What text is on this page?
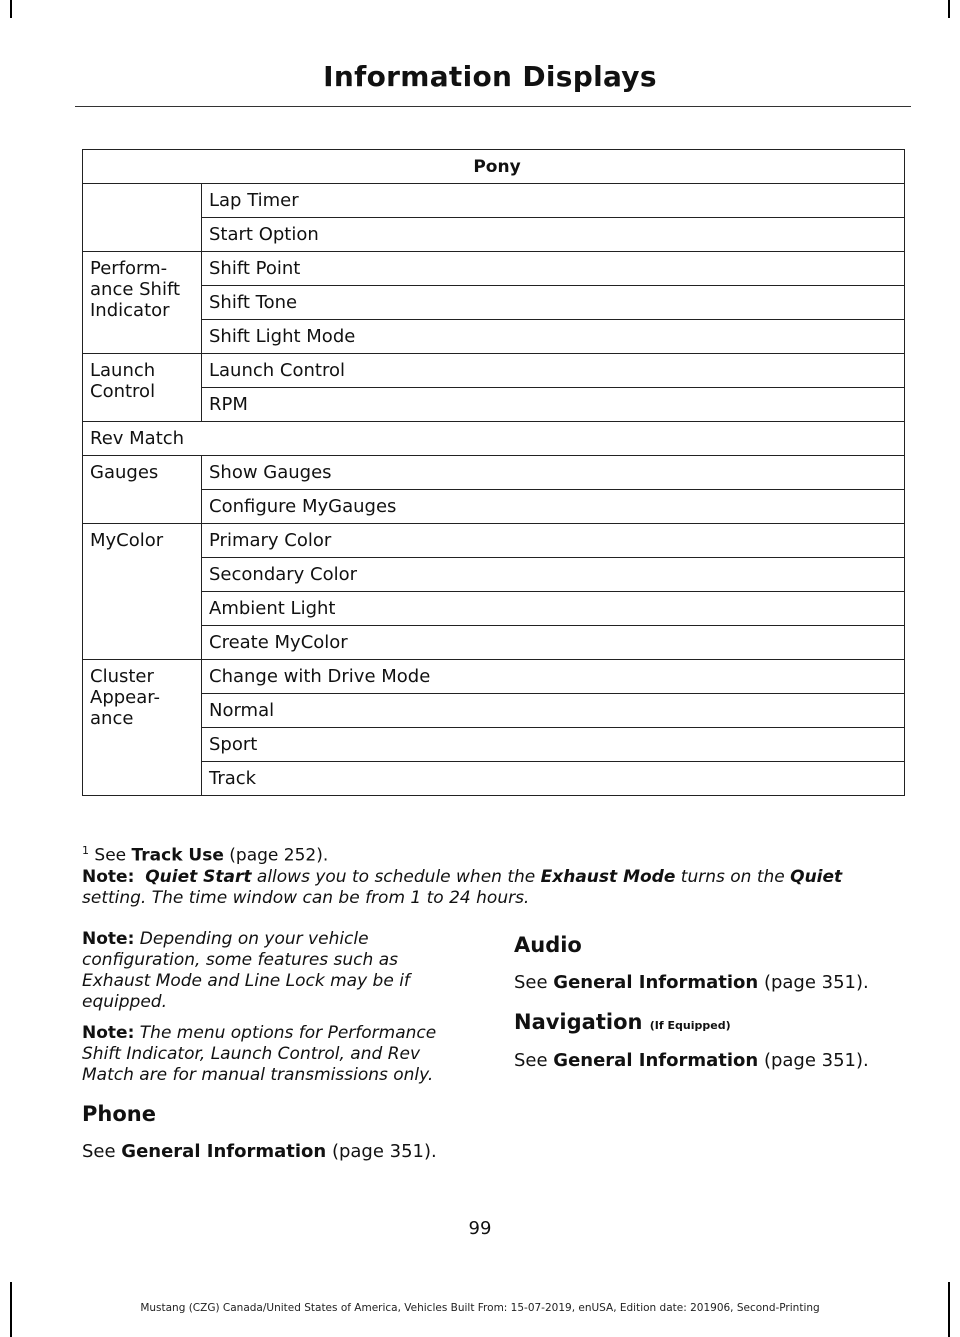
Information Displays
Pony	
	Lap Timer
	Start Option
Perform-
ance Shift
Indicator	Shift Point
	Shift Tone
	Shift Light Mode
Launch
Control	Launch Control
	RPM
Rev Match	
Gauges	Show Gauges
	Configure MyGauges
MyColor	Primary Color
	Secondary Color
	Ambient Light
	Create MyColor
Cluster
Appear-
ance	Change with Drive Mode
	Normal
	Sport
	Track
$^1$ See Track Use (page 252).
Note: Quiet Start allows you to schedule when the Exhaust Mode turns on the Quiet
setting. The time window can be from 1 to 24 hours.
Note: Depending on your vehicle configuration, some features such as Exhaust Mode and Line Lock may be if equipped.
Note: The menu options for Performance Shift Indicator, Launch Control, and Rev Match are for manual transmissions only.
Phone
See General Information (page 351).
Audio
See General Information (page 351).
Navigation (If Equipped)
See General Information (page 351).
99
Mustang (CZG) Canada/United States of America, Vehicles Built From: 15-07-2019, enUSA, Edition date: 201906, Second-Printing
